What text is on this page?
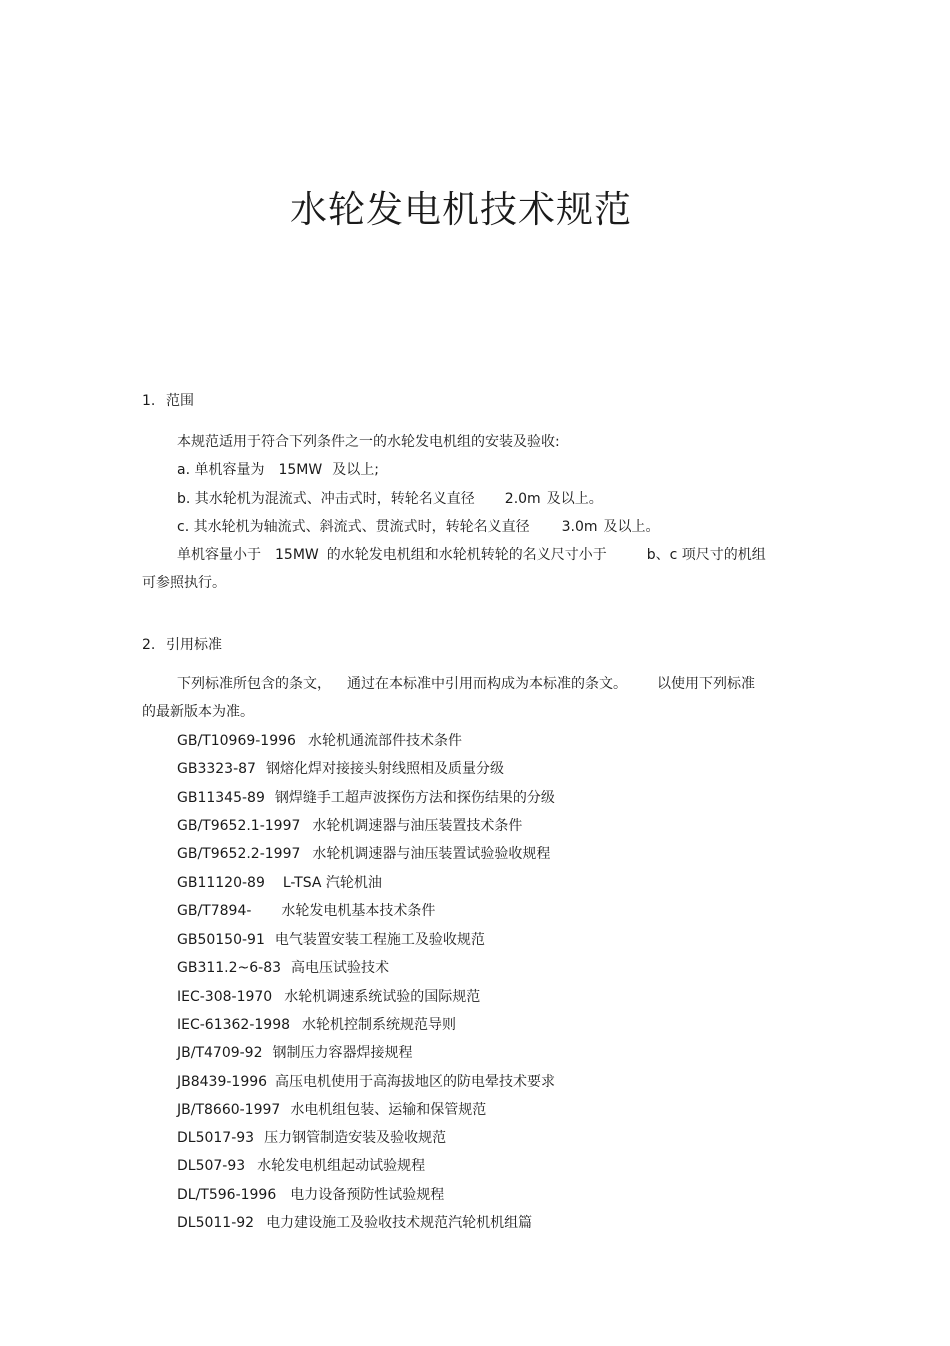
水轮发电机技术规范
1. 范围
本规范适用于符合下列条件之一的水轮发电机组的安装及验收:
a. 单机容量为 15MW 及以上;
b. 其水轮机为混流式、冲击式时，转轮名义直径 2.0m 及以上。
c. 其水轮机为轴流式、斜流式、贯流式时，转轮名义直径 3.0m 及以上。
单机容量小于 15MW 的水轮发电机组和水轮机转轮的名义尺寸小于	b、c 项尺寸的机组
可参照执行。
2. 引用标准
下列标准所包含的条文， 通过在本标准中引用而构成为本标准的条文。 以使用下列标准
的最新版本为准。
GB/T10969-1996 水轮机通流部件技术条件
GB3323-87 钢熔化焊对接接头射线照相及质量分级
GB11345-89 钢焊缝手工超声波探伤方法和探伤结果的分级
GB/T9652.1-1997 水轮机调速器与油压装置技术条件
GB/T9652.2-1997 水轮机调速器与油压装置试验验收规程
GB11120-89 L-TSA 汽轮机油
GB/T7894- 水轮发电机基本技术条件
GB50150-91 电气装置安装工程施工及验收规范
GB311.2~6-83 高电压试验技术
IEC-308-1970 水轮机调速系统试验的国际规范
IEC-61362-1998 水轮机控制系统规范导则
JB/T4709-92 钢制压力容器焊接规程
JB8439-1996 高压电机使用于高海拔地区的防电晕技术要求
JB/T8660-1997 水电机组包装、运输和保管规范
DL5017-93 压力钢管制造安装及验收规范
DL507-93 水轮发电机组起动试验规程
DL/T596-1996 电力设备预防性试验规程
DL5011-92 电力建设施工及验收技术规范汽轮机机组篇
